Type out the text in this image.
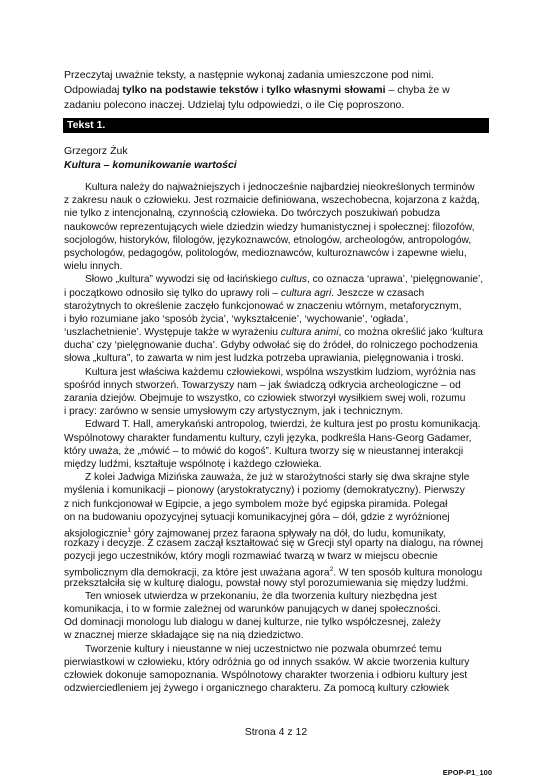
Przeczytaj uważnie teksty, a następnie wykonaj zadania umieszczone pod nimi. Odpowiadaj tylko na podstawie tekstów i tylko własnymi słowami – chyba że w zadaniu polecono inaczej. Udzielaj tylu odpowiedzi, o ile Cię poproszono.

Tekst 1.
Grzegorz Żuk
Kultura – komunikowanie wartości
Kultura należy do najważniejszych i jednocześnie najbardziej nieokreślonych terminów
z zakresu nauk o człowieku. Jest rozmaicie definiowana, wszechobecna, kojarzona z każdą,
nie tylko z intencjonalną, czynnością człowieka. Do twórczych poszukiwań pobudza
naukowców reprezentujących wiele dziedzin wiedzy humanistycznej i społecznej: filozofów,
socjologów, historyków, filologów, językoznawców, etnologów, archeologów, antropologów,
psychologów, pedagogów, politologów, medioznawców, kulturoznawców i zapewne wielu,
wielu innych.
Słowo „kultura” wywodzi się od łacińskiego cultus, co oznacza ‘uprawa’, ‘pielęgnowanie’,
i początkowo odnosiło się tylko do uprawy roli – cultura agri. Jeszcze w czasach
starożytnych to określenie zaczęło funkcjonować w znaczeniu wtórnym, metaforycznym,
i było rozumiane jako ‘sposób życia’, ‘wykształcenie’, ‘wychowanie’, ‘ogłada’,
‘uszlachetnienie’. Występuje także w wyrażeniu cultura animi, co można określić jako ‘kultura
ducha’ czy ‘pielęgnowanie ducha’. Gdyby odwołać się do źródeł, do rolniczego pochodzenia
słowa „kultura”, to zawarta w nim jest ludzka potrzeba uprawiania, pielęgnowania i troski.
Kultura jest właściwa każdemu człowiekowi, wspólna wszystkim ludziom, wyróżnia nas
spośród innych stworzeń. Towarzyszy nam – jak świadczą odkrycia archeologiczne – od
zarania dziejów. Obejmuje to wszystko, co człowiek stworzył wysiłkiem swej woli, rozumu
i pracy: zarówno w sensie umysłowym czy artystycznym, jak i technicznym.
Edward T. Hall, amerykański antropolog, twierdzi, że kultura jest po prostu komunikacją.
Wspólnotowy charakter fundamentu kultury, czyli języka, podkreśla Hans-Georg Gadamer,
który uważa, że „mówić – to mówić do kogoś”. Kultura tworzy się w nieustannej interakcji
między ludźmi, kształtuje wspólnotę i każdego człowieka.
Z kolei Jadwiga Mizińska zauważa, że już w starożytności starły się dwa skrajne style
myślenia i komunikacji – pionowy (arystokratyczny) i poziomy (demokratyczny). Pierwszy
z nich funkcjonował w Egipcie, a jego symbolem może być egipska piramida. Polegał
on na budowaniu opozycyjnej sytuacji komunikacyjnej góra – dół, gdzie z wyróżnionej
aksjologicznie$^1$ góry zajmowanej przez faraona spływały na dół, do ludu, komunikaty,
rozkazy i decyzje. Z czasem zaczął kształtować się w Grecji styl oparty na dialogu, na równej
pozycji jego uczestników, który mogli rozmawiać twarzą w twarz w miejscu obecnie
symbolicznym dla demokracji, za które jest uważana agora$^2$. W ten sposób kultura monologu
przekształciła się w kulturę dialogu, powstał nowy styl porozumiewania się między ludźmi.
Ten wniosek utwierdza w przekonaniu, że dla tworzenia kultury niezbędna jest
komunikacja, i to w formie zależnej od warunków panujących w danej społeczności.
Od dominacji monologu lub dialogu w danej kulturze, nie tylko współczesnej, zależy
w znacznej mierze składające się na nią dziedzictwo.
Tworzenie kultury i nieustanne w niej uczestnictwo nie pozwala obumrzeć temu
pierwiastkowi w człowieku, który odróżnia go od innych ssaków. W akcie tworzenia kultury
człowiek dokonuje samopoznania. Wspólnotowy charakter tworzenia i odbioru kultury jest
odzwierciedleniem jej żywego i organicznego charakteru. Za pomocą kultury człowiek
Strona 4 z 12
EPOP-P1_100
